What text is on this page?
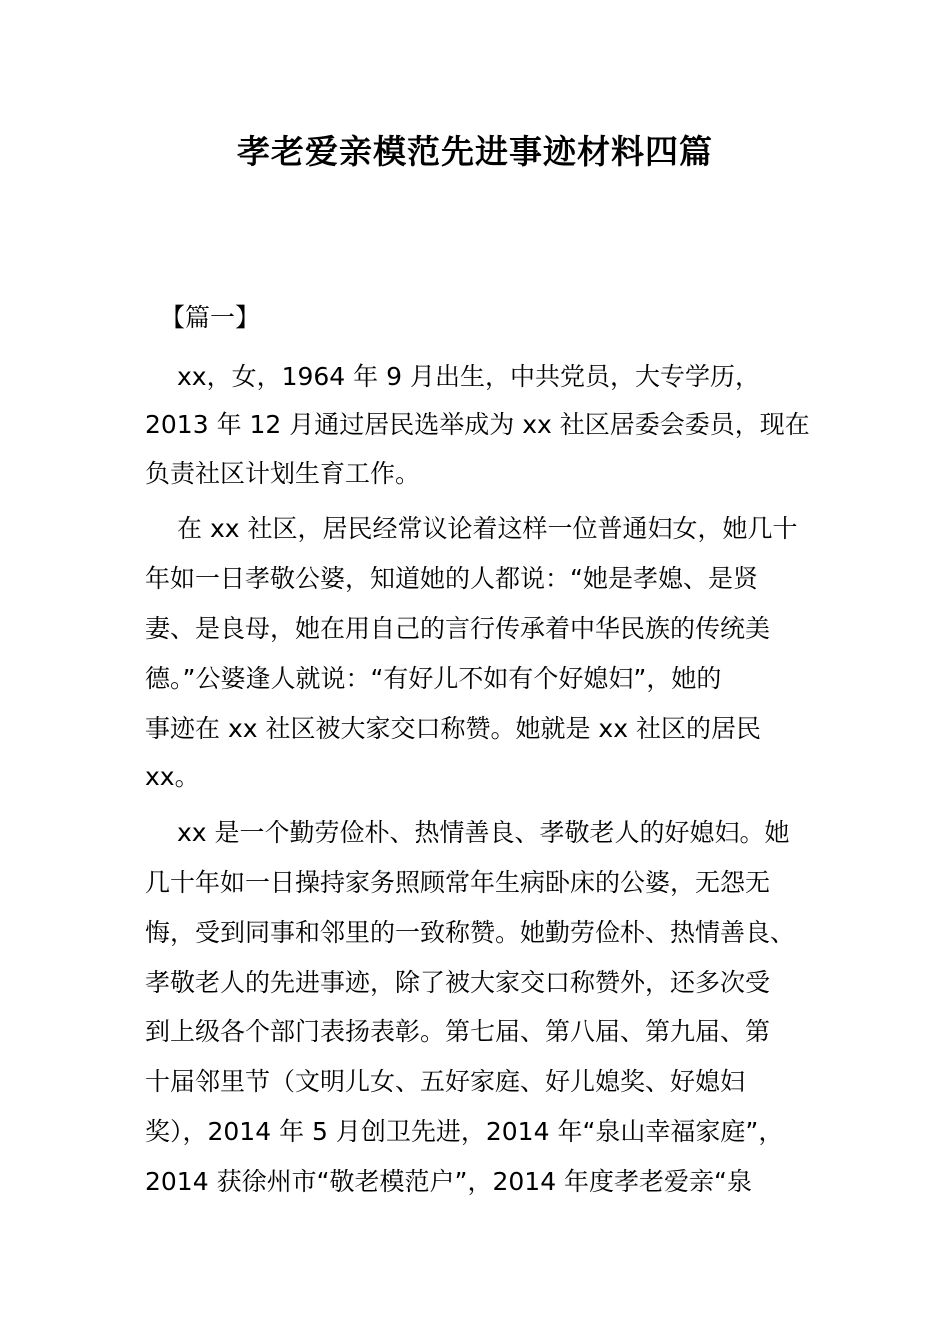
孝老爱亲模范先进事迹材料四篇
【篇一】
xx，女，1964 年 9 月出生，中共党员，大专学历，
2013 年 12 月通过居民选举成为 xx 社区居委会委员，现在
负责社区计划生育工作。
在 xx 社区，居民经常议论着这样一位普通妇女，她几十
年如一日孝敬公婆，知道她的人都说：“她是孝媳、是贤
妻、是良母，她在用自己的言行传承着中华民族的传统美
德。”公婆逢人就说：“有好儿不如有个好媳妇”，她的
事迹在 xx 社区被大家交口称赞。她就是 xx 社区的居民
xx。
xx 是一个勤劳俭朴、热情善良、孝敬老人的好媳妇。她
几十年如一日操持家务照顾常年生病卧床的公婆，无怨无
悔，受到同事和邻里的一致称赞。她勤劳俭朴、热情善良、
孝敬老人的先进事迹，除了被大家交口称赞外，还多次受
到上级各个部门表扬表彰。第七届、第八届、第九届、第
十届邻里节（文明儿女、五好家庭、好儿媳奖、好媳妇
奖），2014 年 5 月创卫先进，2014 年“泉山幸福家庭”，
2014 获徐州市“敬老模范户”，2014 年度孝老爱亲“泉
